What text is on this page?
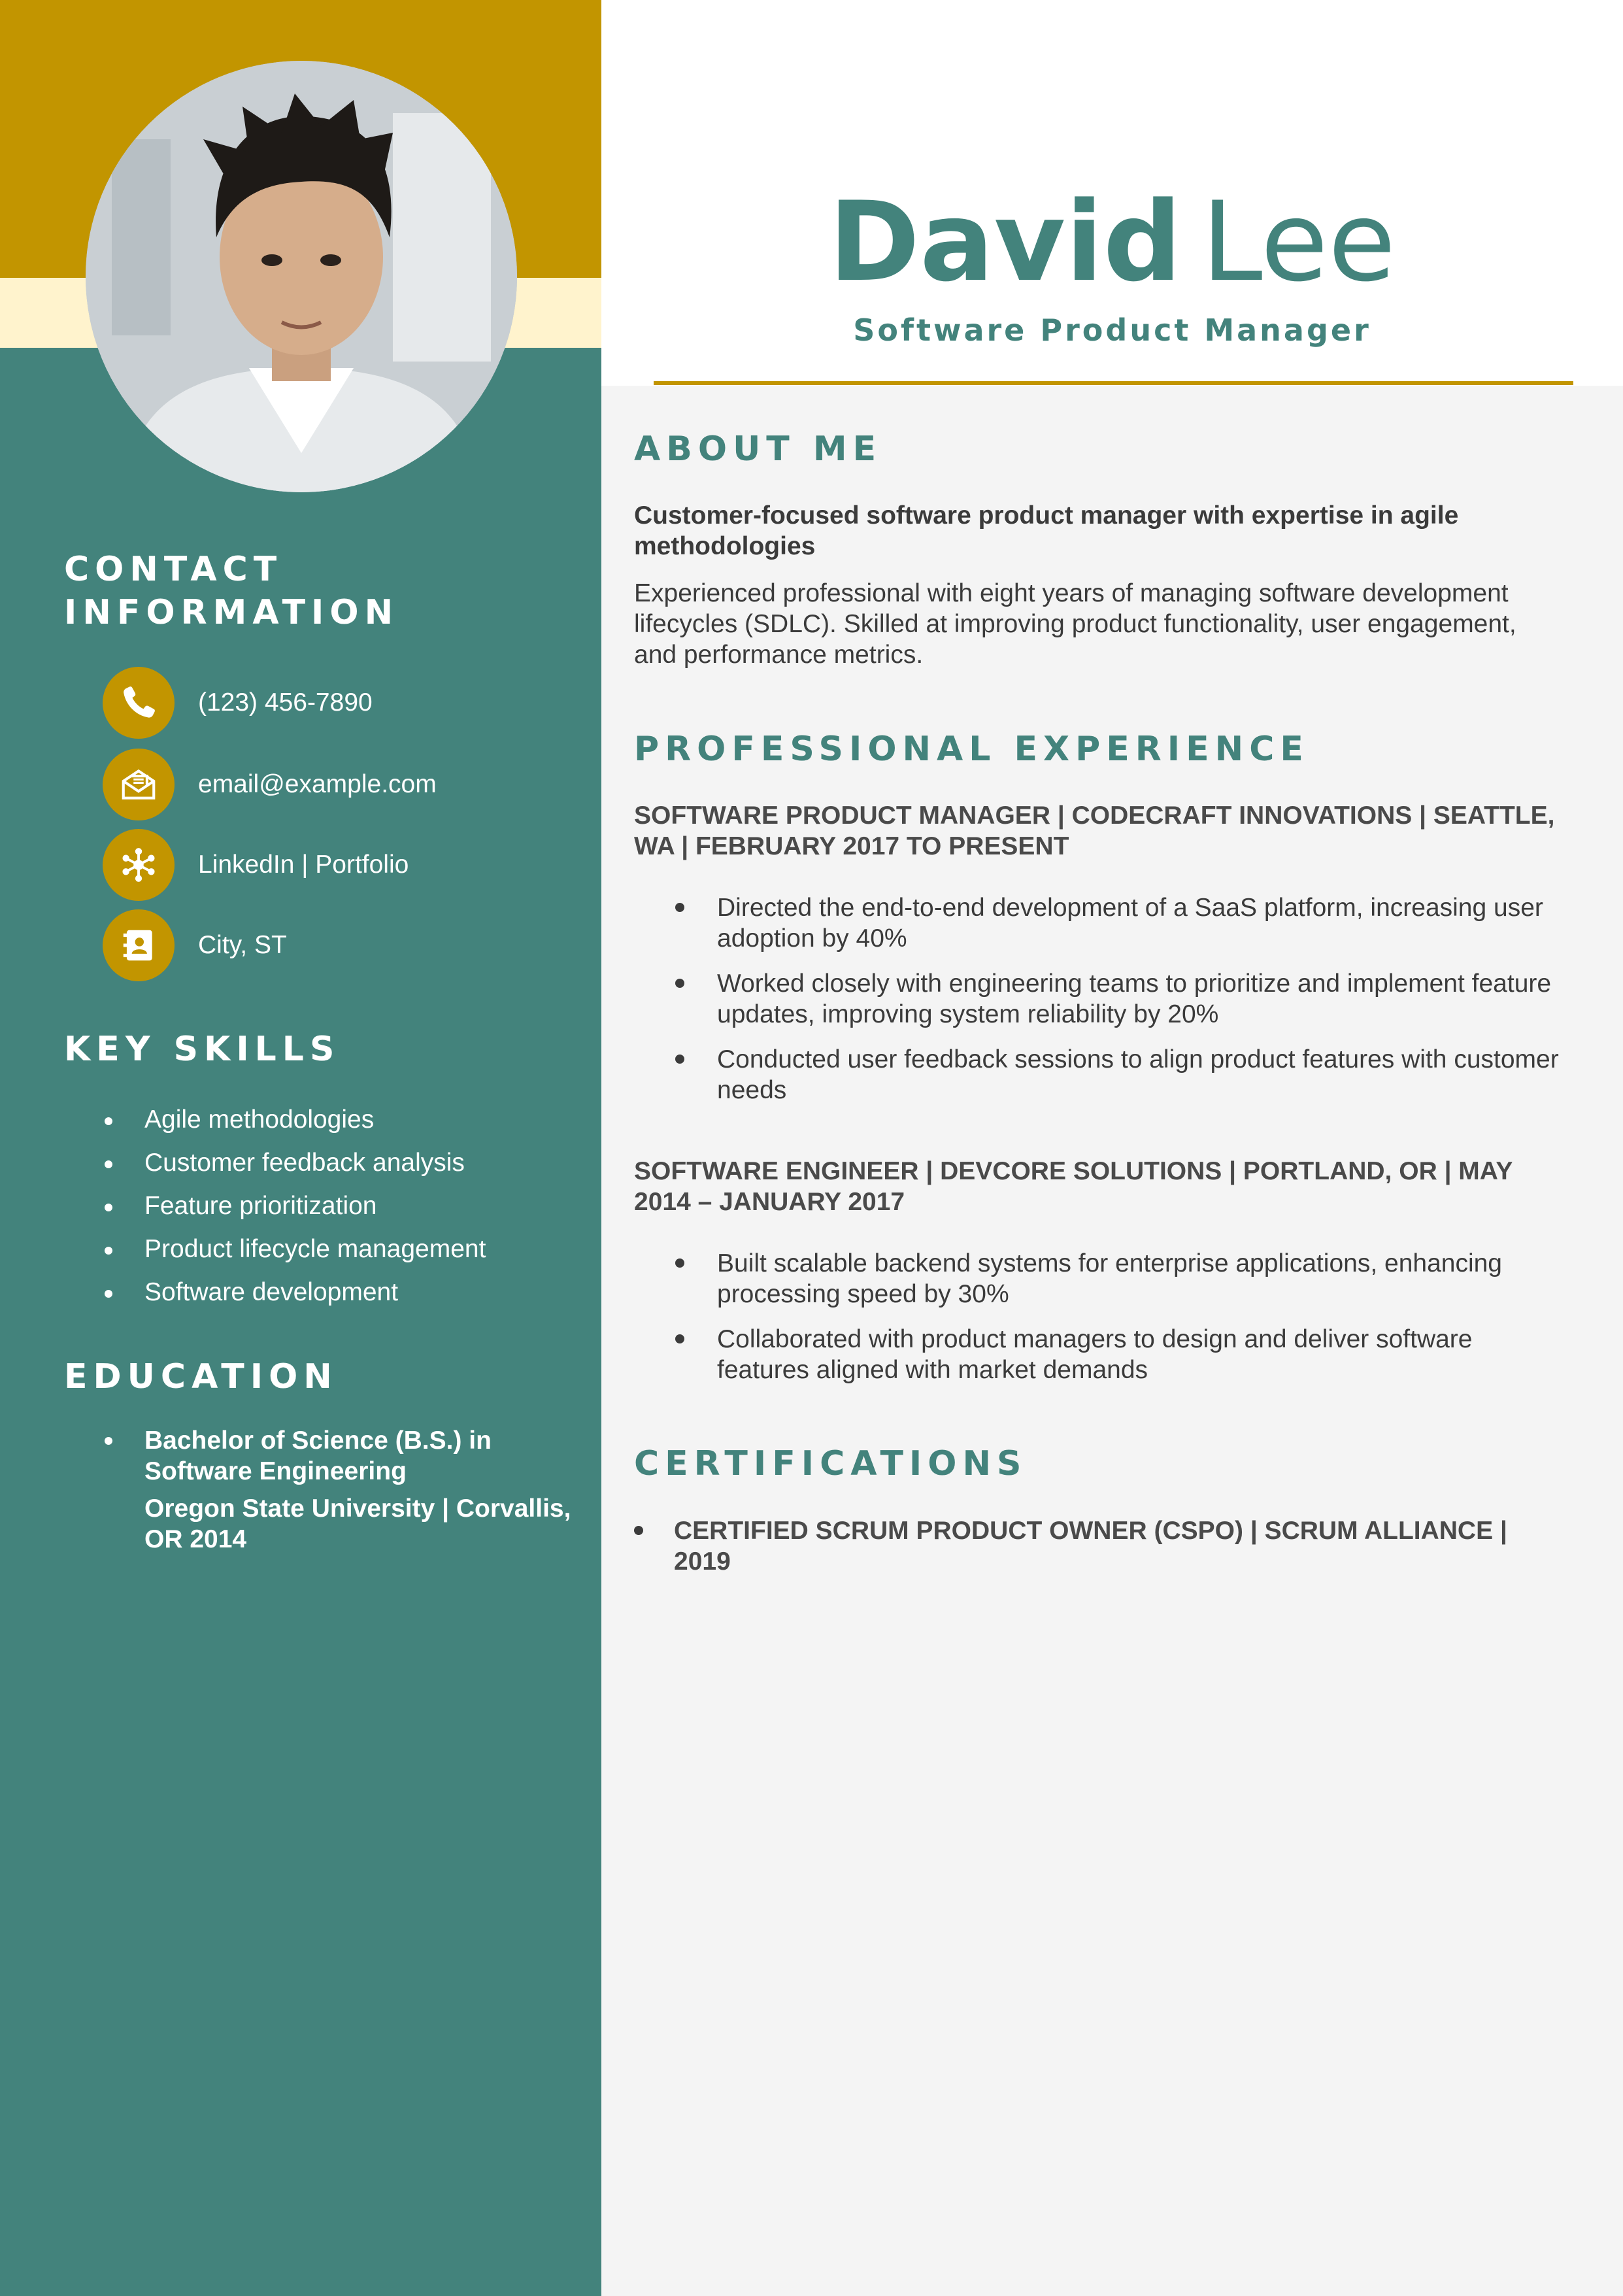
CONTACT
INFORMATION
(123) 456-7890
email@example.com
LinkedIn | Portfolio
City, ST
KEY SKILLS
Agile methodologies
Customer feedback analysis
Feature prioritization
Product lifecycle management
Software development
EDUCATION
Bachelor of Science (B.S.) in Software Engineering
Oregon State University | Corvallis, OR 2014
David Lee
Software Product Manager
ABOUT ME
Customer-focused software product manager with expertise in agile methodologies
Experienced professional with eight years of managing software development lifecycles (SDLC). Skilled at improving product functionality, user engagement, and performance metrics.
PROFESSIONAL EXPERIENCE
SOFTWARE PRODUCT MANAGER | CODECRAFT INNOVATIONS | SEATTLE, WA | FEBRUARY 2017 TO PRESENT
Directed the end-to-end development of a SaaS platform, increasing user adoption by 40%
Worked closely with engineering teams to prioritize and implement feature updates, improving system reliability by 20%
Conducted user feedback sessions to align product features with customer needs
SOFTWARE ENGINEER | DEVCORE SOLUTIONS | PORTLAND, OR | MAY 2014 – JANUARY 2017
Built scalable backend systems for enterprise applications, enhancing processing speed by 30%
Collaborated with product managers to design and deliver software features aligned with market demands
CERTIFICATIONS
CERTIFIED SCRUM PRODUCT OWNER (CSPO) | SCRUM ALLIANCE | 2019
